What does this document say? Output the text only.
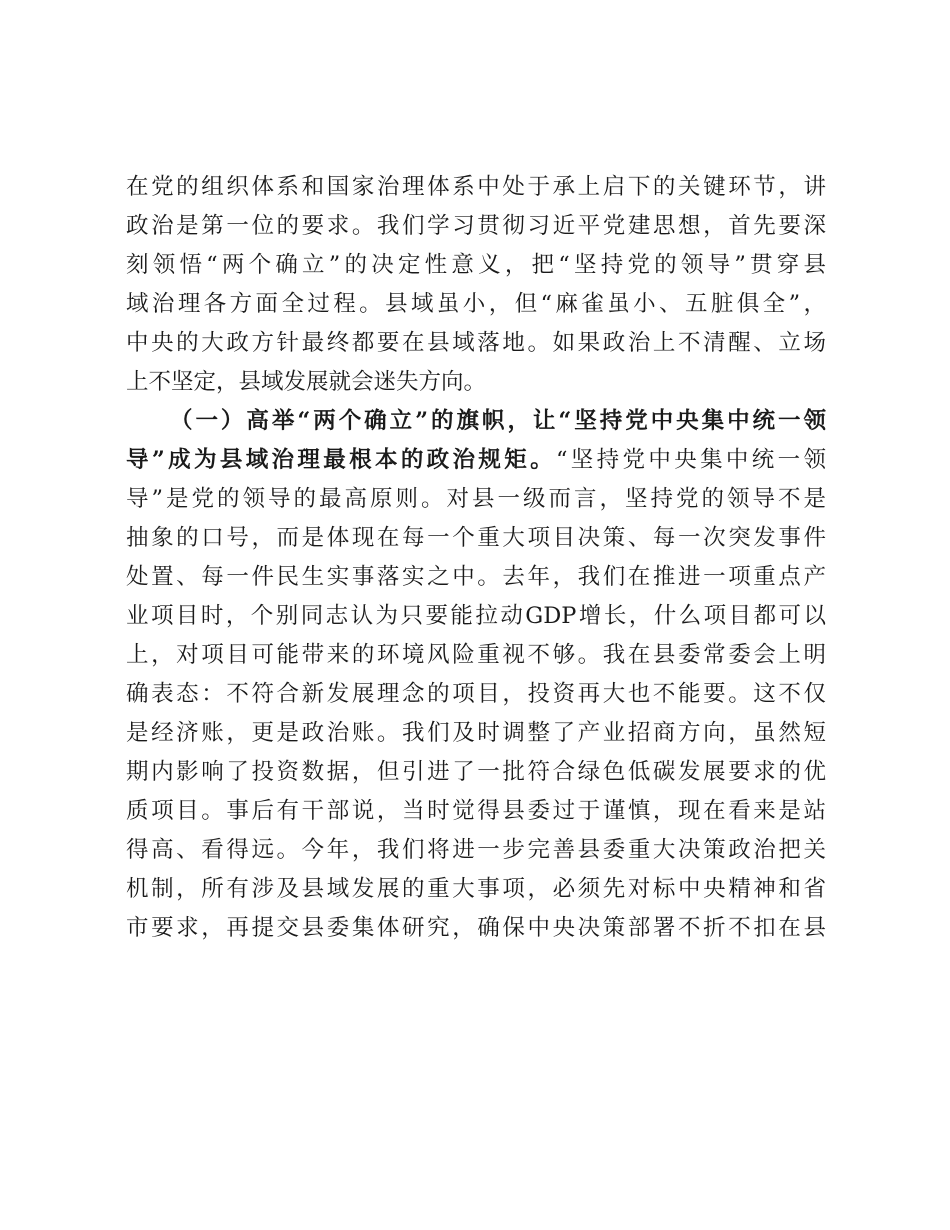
在党的组织体系和国家治理体系中处于承上启下的关键环节，讲
政治是第一位的要求。我们学习贯彻习近平党建思想，首先要深
刻领悟“两个确立”的决定性意义，把“坚持党的领导”贯穿县
域治理各方面全过程。县域虽小，但“麻雀虽小、五脏俱全”，
中央的大政方针最终都要在县域落地。如果政治上不清醒、立场
上不坚定，县域发展就会迷失方向。
（一）高举“两个确立”的旗帜，让“坚持党中央集中统一领
导”成为县域治理最根本的政治规矩。“坚持党中央集中统一领
导”是党的领导的最高原则。对县一级而言，坚持党的领导不是
抽象的口号，而是体现在每一个重大项目决策、每一次突发事件
处置、每一件民生实事落实之中。去年，我们在推进一项重点产
业项目时，个别同志认为只要能拉动GDP增长，什么项目都可以
上，对项目可能带来的环境风险重视不够。我在县委常委会上明
确表态：不符合新发展理念的项目，投资再大也不能要。这不仅
是经济账，更是政治账。我们及时调整了产业招商方向，虽然短
期内影响了投资数据，但引进了一批符合绿色低碳发展要求的优
质项目。事后有干部说，当时觉得县委过于谨慎，现在看来是站
得高、看得远。今年，我们将进一步完善县委重大决策政治把关
机制，所有涉及县域发展的重大事项，必须先对标中央精神和省
市要求，再提交县委集体研究，确保中央决策部署不折不扣在县
